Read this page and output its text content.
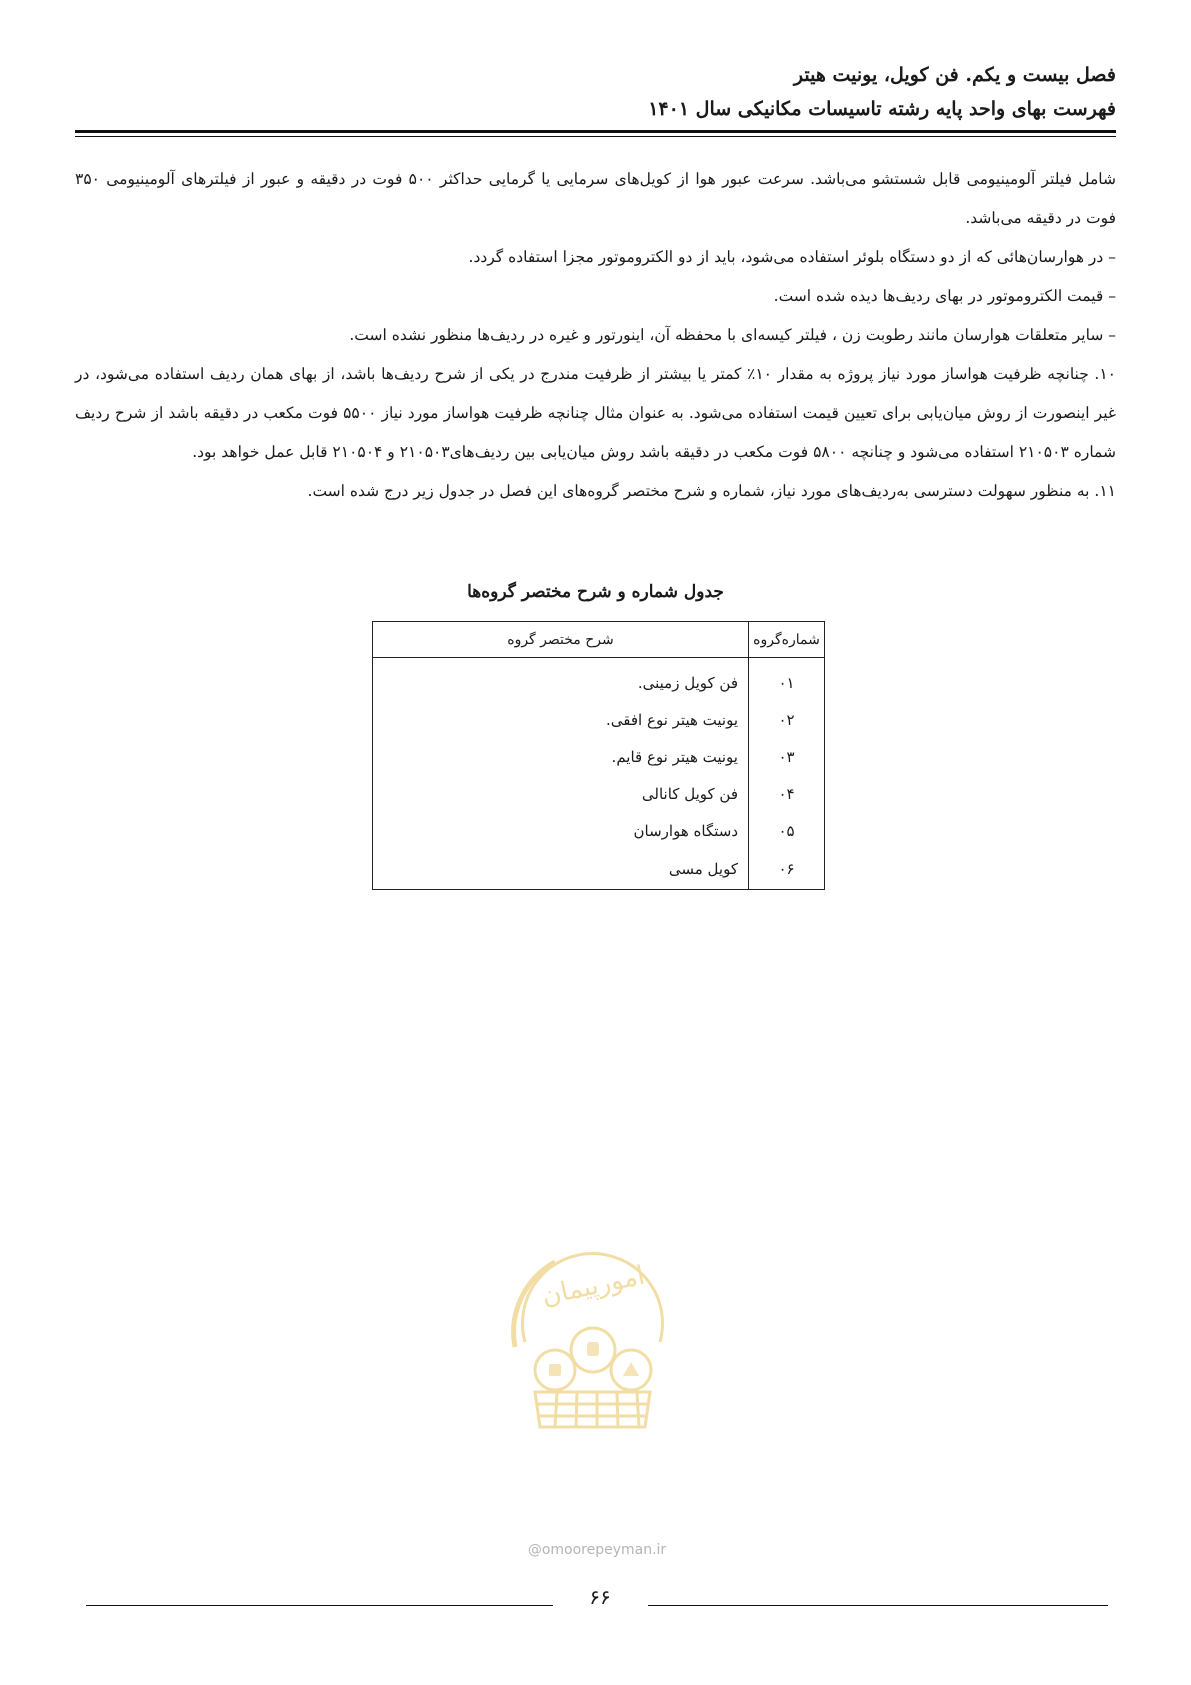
فصل بیست و یکم. فن کویل، یونیت هیتر
فهرست بهای واحد پایه رشته تاسیسات مکانیکی سال ۱۴۰۱

شامل فیلتر آلومینیومی قابل شستشو می‌باشد. سرعت عبور هوا از کویل‌های سرمایی یا گرمایی حداکثر ۵۰۰ فوت در دقیقه و عبور از فیلترهای آلومینیومی ۳۵۰ فوت در دقیقه می‌باشد.

– در هوارسان‌هائی که از دو دستگاه بلوئر استفاده می‌شود، باید از دو الکتروموتور مجزا استفاده گردد.

– قیمت الکتروموتور در بهای ردیف‌ها دیده شده است.

– سایر متعلقات هوارسان مانند رطوبت زن ، فیلتر کیسه‌ای با محفظه آن، اینورتور و غیره در ردیف‌ها منظور نشده است.

۱۰. چنانچه ظرفیت هواساز مورد نیاز پروژه به مقدار ۱۰٪ کمتر یا بیشتر از ظرفیت مندرج در یکی از شرح ردیف‌ها باشد، از بهای همان ردیف استفاده می‌شود، در غیر اینصورت از روش میان‌یابی برای تعیین قیمت استفاده می‌شود. به عنوان مثال چنانچه ظرفیت هواساز مورد نیاز ۵۵۰۰ فوت مکعب در دقیقه باشد از شرح ردیف شماره ۲۱۰۵۰۳ استفاده می‌شود و چنانچه ۵۸۰۰ فوت مکعب در دقیقه باشد روش میان‌یابی بین ردیف‌های۲۱۰۵۰۳ و ۲۱۰۵۰۴ قابل عمل خواهد بود.

۱۱. به منظور سهولت دسترسی به‌ردیف‌های مورد نیاز، شماره و شرح مختصر گروه‌های این فصل در جدول زیر درج شده است.

جدول شماره و شرح مختصر گروه‌ها
شماره‌گروه	شرح مختصر گروه
۰۱	فن کویل زمینی.
۰۲	یونیت هیتر نوع افقی.
۰۳	یونیت هیتر نوع قایم.
۰۴	فن کویل کانالی
۰۵	دستگاه هوارسان
۰۶	کویل مسی
امورپیمان
@omoorepeyman.ir
۶۶
